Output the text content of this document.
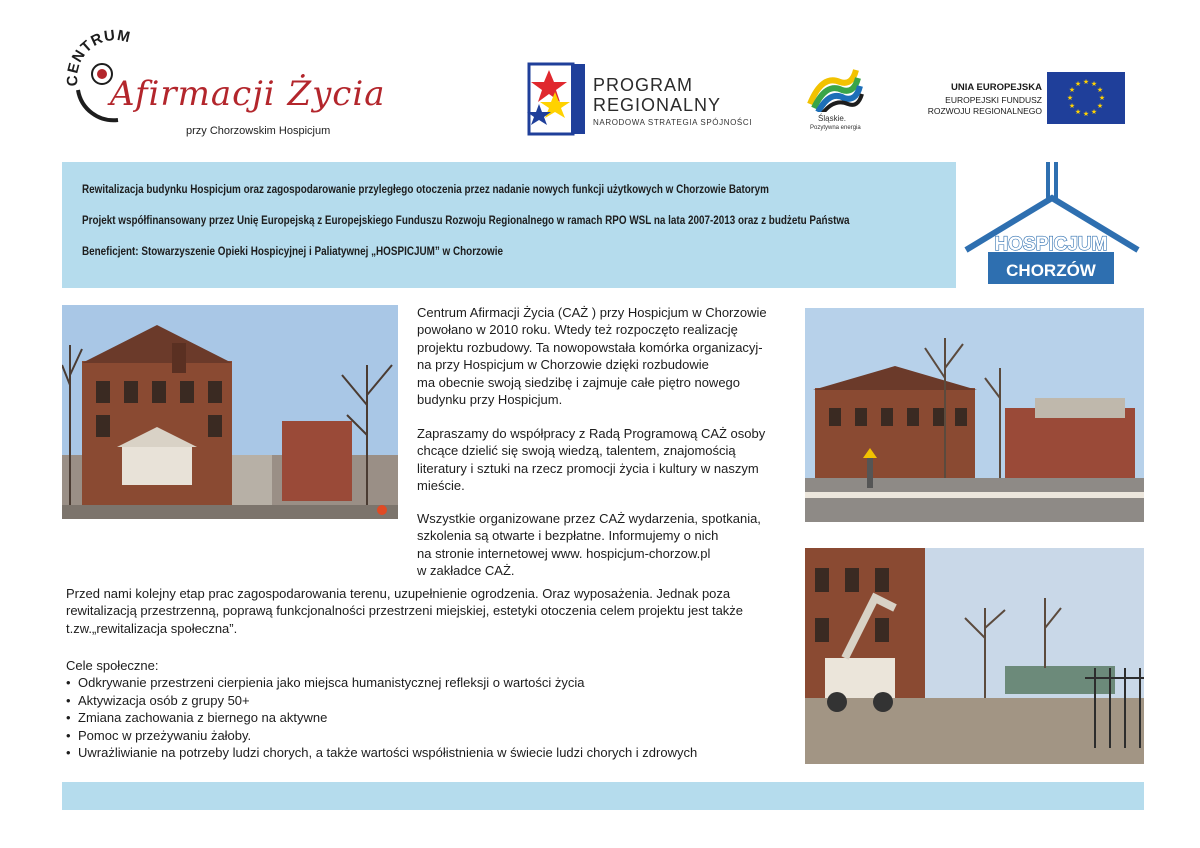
CENTRUM
Afirmacji Życia
przy Chorzowskim Hospicjum
PROGRAM
REGIONALNY
NARODOWA STRATEGIA SPÓJNOŚCI	Śląskie.
Pozytywna energia
UNIA EUROPEJSKA
EUROPEJSKI FUNDUSZ
ROZWOJU REGIONALNEGO
★ ★
★
★
★
★
★
★
★
★
★
★
Rewitalizacja budynku Hospicjum oraz zagospodarowanie przyległego otoczenia przez nadanie nowych funkcji użytkowych w Chorzowie Batorym
Projekt współfinansowany przez Unię Europejską z Europejskiego Funduszu Rozwoju Regionalnego w ramach RPO WSL na lata 2007-2013 oraz z budżetu Państwa
Beneficjent: Stowarzyszenie Opieki Hospicyjnej i Paliatywnej „HOSPICJUM” w Chorzowie	HOSPICJUM
CHORZÓW
Centrum Afirmacji Życia (CAŻ ) przy Hospicjum w Chorzowie
powołano w 2010 roku. Wtedy też rozpoczęto realizację
projektu rozbudowy. Ta nowopowstała komórka organizacyj-
na przy Hospicjum w Chorzowie dzięki rozbudowie
ma obecnie swoją siedzibę i zajmuje całe piętro nowego
budynku przy Hospicjum.
Zapraszamy do współpracy z Radą Programową CAŻ osoby
chcące dzielić się swoją wiedzą, talentem, znajomością
literatury i sztuki na rzecz promocji życia i kultury w naszym
mieście.
Wszystkie organizowane przez CAŻ wydarzenia, spotkania,
szkolenia są otwarte i bezpłatne. Informujemy o nich
na stronie internetowej www. hospicjum-chorzow.pl
w zakładce CAŻ.
Przed nami kolejny etap prac zagospodarowania terenu, uzupełnienie ogrodzenia. Oraz wyposażenia. Jednak poza
rewitalizacją przestrzenną, poprawą funkcjonalności przestrzeni miejskiej, estetyki otoczenia celem projektu jest także
t.zw.„rewitalizacja społeczna”.
Cele społeczne:
• Odkrywanie przestrzeni cierpienia jako miejsca humanistycznej refleksji o wartości życia
• Aktywizacja osób z grupy 50+
• Zmiana zachowania z biernego na aktywne
• Pomoc w przeżywaniu żałoby.
• Uwrażliwianie na potrzeby ludzi chorych, a także wartości współistnienia w świecie ludzi chorych i zdrowych
